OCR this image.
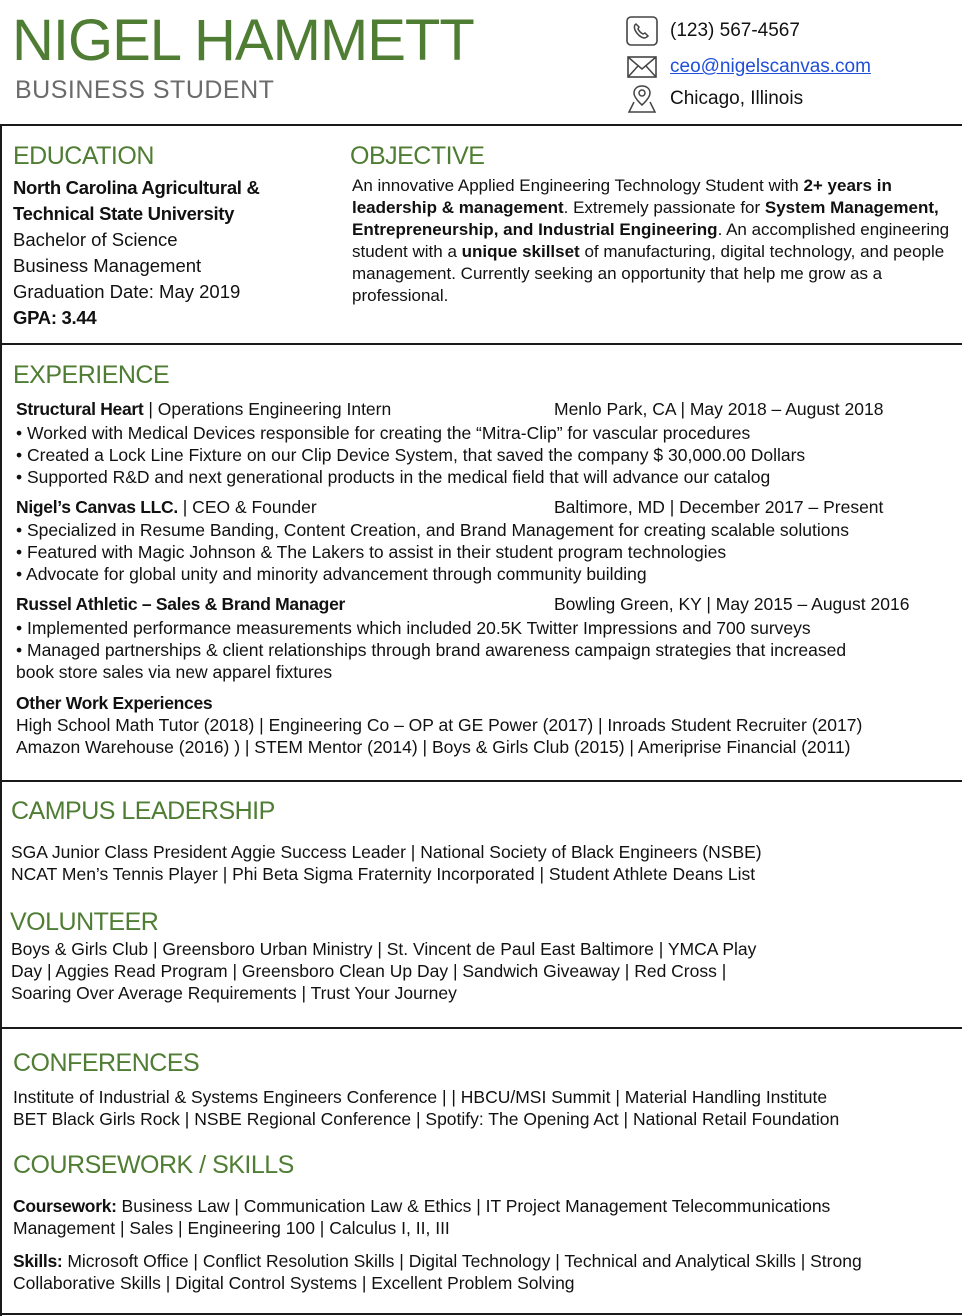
NIGEL HAMMETT
BUSINESS STUDENT
(123) 567-4567
ceo@nigelscanvas.com
Chicago, Illinois
EDUCATION
North Carolina Agricultural &
Technical State University
Bachelor of Science
Business Management
Graduation Date: May 2019
GPA: 3.44
OBJECTIVE
An innovative Applied Engineering Technology Student with 2+ years in leadership & management. Extremely passionate for System Management, Entrepreneurship, and Industrial Engineering. An accomplished engineering student with a unique skillset of manufacturing, digital technology, and people management. Currently seeking an opportunity that help me grow as a professional.
EXPERIENCE
Structural Heart | Operations Engineering Intern	Menlo Park, CA | May 2018 – August 2018
• Worked with Medical Devices responsible for creating the “Mitra-Clip” for vascular procedures
• Created a Lock Line Fixture on our Clip Device System, that saved the company $ 30,000.00 Dollars
• Supported R&D and next generational products in the medical field that will advance our catalog
Nigel’s Canvas LLC. | CEO & Founder	Baltimore, MD | December 2017 – Present
• Specialized in Resume Banding, Content Creation, and Brand Management for creating scalable solutions
• Featured with Magic Johnson & The Lakers to assist in their student program technologies
• Advocate for global unity and minority advancement through community building
Russel Athletic – Sales & Brand Manager	Bowling Green, KY | May 2015 – August 2016
• Implemented performance measurements which included 20.5K Twitter Impressions and 700 surveys
• Managed partnerships & client relationships through brand awareness campaign strategies that increased
book store sales via new apparel fixtures
Other Work Experiences
High School Math Tutor (2018) | Engineering Co – OP at GE Power (2017) | Inroads Student Recruiter (2017)
Amazon Warehouse (2016) ) | STEM Mentor (2014) | Boys & Girls Club (2015) | Ameriprise Financial (2011)
CAMPUS LEADERSHIP
SGA Junior Class President Aggie Success Leader | National Society of Black Engineers (NSBE)
NCAT Men’s Tennis Player | Phi Beta Sigma Fraternity Incorporated | Student Athlete Deans List
VOLUNTEER
Boys & Girls Club | Greensboro Urban Ministry | St. Vincent de Paul East Baltimore | YMCA Play
Day | Aggies Read Program | Greensboro Clean Up Day | Sandwich Giveaway | Red Cross |
Soaring Over Average Requirements | Trust Your Journey
CONFERENCES
Institute of Industrial & Systems Engineers Conference | | HBCU/MSI Summit | Material Handling Institute
BET Black Girls Rock | NSBE Regional Conference | Spotify: The Opening Act | National Retail Foundation
COURSEWORK / SKILLS
Coursework: Business Law | Communication Law & Ethics | IT Project Management Telecommunications
Management | Sales | Engineering 100 | Calculus I, II, III
Skills: Microsoft Office | Conflict Resolution Skills | Digital Technology | Technical and Analytical Skills | Strong
Collaborative Skills | Digital Control Systems | Excellent Problem Solving
